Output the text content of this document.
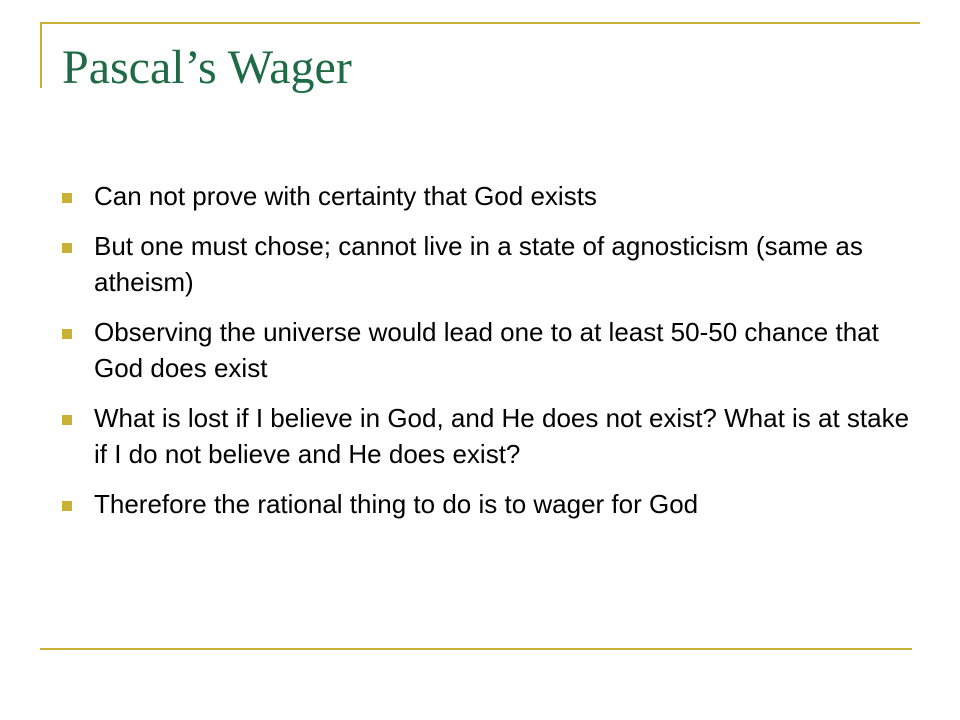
Pascal’s Wager
Can not prove with certainty that God exists
But one must chose; cannot live in a state of agnosticism (same as atheism)
Observing the universe would lead one to at least 50-50 chance that God does exist
What is lost if I believe in God, and He does not exist? What is at stake if I do not believe and He does exist?
Therefore the rational thing to do is to wager for God
